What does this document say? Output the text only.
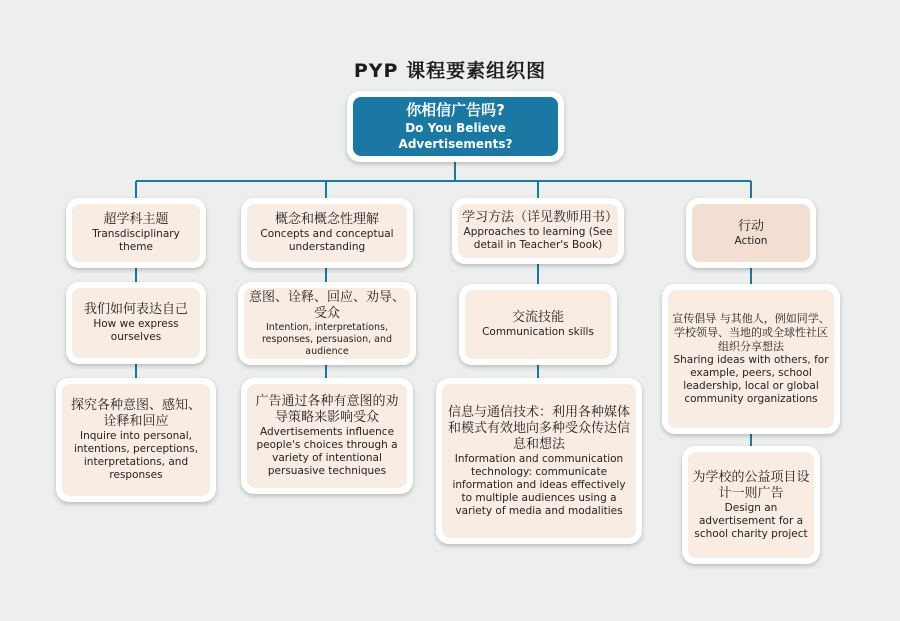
PYP 课程要素组织图
你相信广告吗?
Do You Believe Advertisements?
超学科主题
Transdisciplinary theme
我们如何表达自己
How we express ourselves
探究各种意图、感知、诠释和回应
Inquire into personal, intentions, perceptions, interpretations, and responses
概念和概念性理解
Concepts and conceptual understanding
意图、诠释、回应、劝导、受众
Intention, interpretations, responses, persuasion, and audience
广告通过各种有意图的劝导策略来影响受众
Advertisements influence people's choices through a variety of intentional persuasive techniques
学习方法（详见教师用书）
Approaches to learning (See detail in Teacher's Book)
交流技能
Communication skills
信息与通信技术：利用各种媒体和模式有效地向多种受众传达信息和想法
Information and communication technology: communicate information and ideas effectively to multiple audiences using a variety of media and modalities
行动
Action
宣传倡导 与其他人，例如同学、学校领导、当地的或全球性社区组织分享想法
Sharing ideas with others, for example, peers, school leadership, local or global community organizations
为学校的公益项目设计一则广告
Design an advertisement for a school charity project
